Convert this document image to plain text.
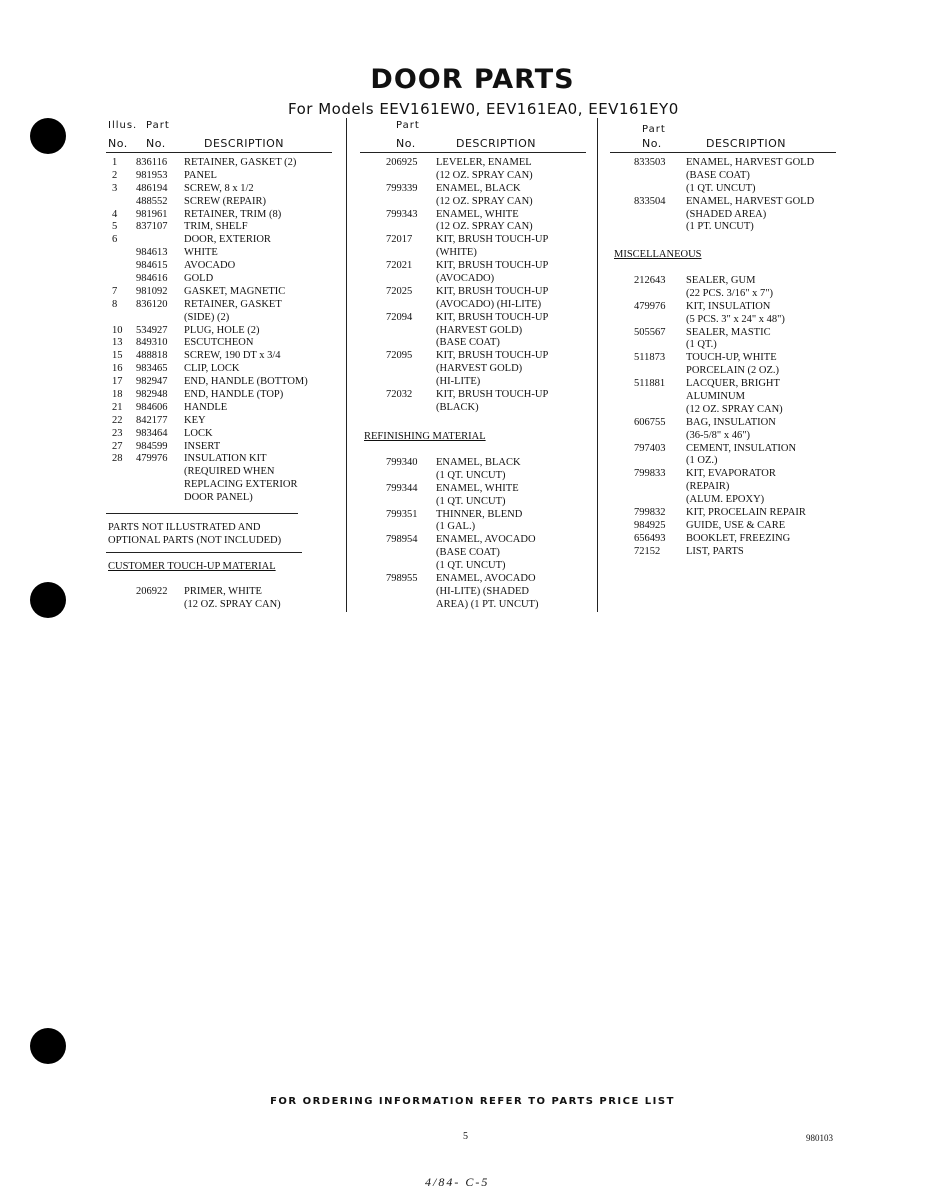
DOOR PARTS
For Models EEV161EW0, EEV161EA0, EEV161EY0
Illus. Part
No. No.	DESCRIPTION
1 836116 RETAINER, GASKET (2)
2 981953 PANEL
3 486194 SCREW, 8 x 1/2
488552 SCREW (REPAIR)
4 981961 RETAINER, TRIM (8)
5 837107 TRIM, SHELF
6	DOOR, EXTERIOR
984613 WHITE
984615 AVOCADO
984616 GOLD
7 981092 GASKET, MAGNETIC
8 836120 RETAINER, GASKET
(SIDE) (2)
10 534927 PLUG, HOLE (2)
13 849310 ESCUTCHEON
15 488818 SCREW, 190 DT x 3/4
16 983465 CLIP, LOCK
17 982947 END, HANDLE (BOTTOM)
18 982948 END, HANDLE (TOP)
21 984606 HANDLE
22 842177 KEY
23 983464 LOCK
27 984599 INSERT
28 479976 INSULATION KIT
(REQUIRED WHEN
REPLACING EXTERIOR
DOOR PANEL)
PARTS NOT ILLUSTRATED AND
OPTIONAL PARTS (NOT INCLUDED)
CUSTOMER TOUCH-UP MATERIAL
206922 PRIMER, WHITE
(12 OZ. SPRAY CAN)
Part
No.	DESCRIPTION
206925 LEVELER, ENAMEL
(12 OZ. SPRAY CAN)
799339 ENAMEL, BLACK
(12 OZ. SPRAY CAN)
799343 ENAMEL, WHITE
(12 OZ. SPRAY CAN)
72017 KIT, BRUSH TOUCH-UP
(WHITE)
72021 KIT, BRUSH TOUCH-UP
(AVOCADO)
72025 KIT, BRUSH TOUCH-UP
(AVOCADO) (HI-LITE)
72094 KIT, BRUSH TOUCH-UP
(HARVEST GOLD)
(BASE COAT)
72095 KIT, BRUSH TOUCH-UP
(HARVEST GOLD)
(HI-LITE)
72032 KIT, BRUSH TOUCH-UP
(BLACK)
REFINISHING MATERIAL
799340 ENAMEL, BLACK
(1 QT. UNCUT)
799344 ENAMEL, WHITE
(1 QT. UNCUT)
799351 THINNER, BLEND
(1 GAL.)
798954 ENAMEL, AVOCADO
(BASE COAT)
(1 QT. UNCUT)
798955 ENAMEL, AVOCADO
(HI-LITE) (SHADED
AREA) (1 PT. UNCUT)
Part
No.	DESCRIPTION
833503 ENAMEL, HARVEST GOLD
(BASE COAT)
(1 QT. UNCUT)
833504 ENAMEL, HARVEST GOLD
(SHADED AREA)
(1 PT. UNCUT)
MISCELLANEOUS
212643 SEALER, GUM
(22 PCS. 3/16" x 7")
479976 KIT, INSULATION
(5 PCS. 3" x 24" x 48")
505567 SEALER, MASTIC
(1 QT.)
511873 TOUCH-UP, WHITE
PORCELAIN (2 OZ.)
511881 LACQUER, BRIGHT
ALUMINUM
(12 OZ. SPRAY CAN)
606755 BAG, INSULATION
(36-5/8" x 46")
797403 CEMENT, INSULATION
(1 OZ.)
799833 KIT, EVAPORATOR
(REPAIR)
(ALUM. EPOXY)
799832 KIT, PROCELAIN REPAIR
984925 GUIDE, USE & CARE
656493 BOOKLET, FREEZING
72152 LIST, PARTS
FOR ORDERING INFORMATION REFER TO PARTS PRICE LIST
5	980103
4/84- C-5
